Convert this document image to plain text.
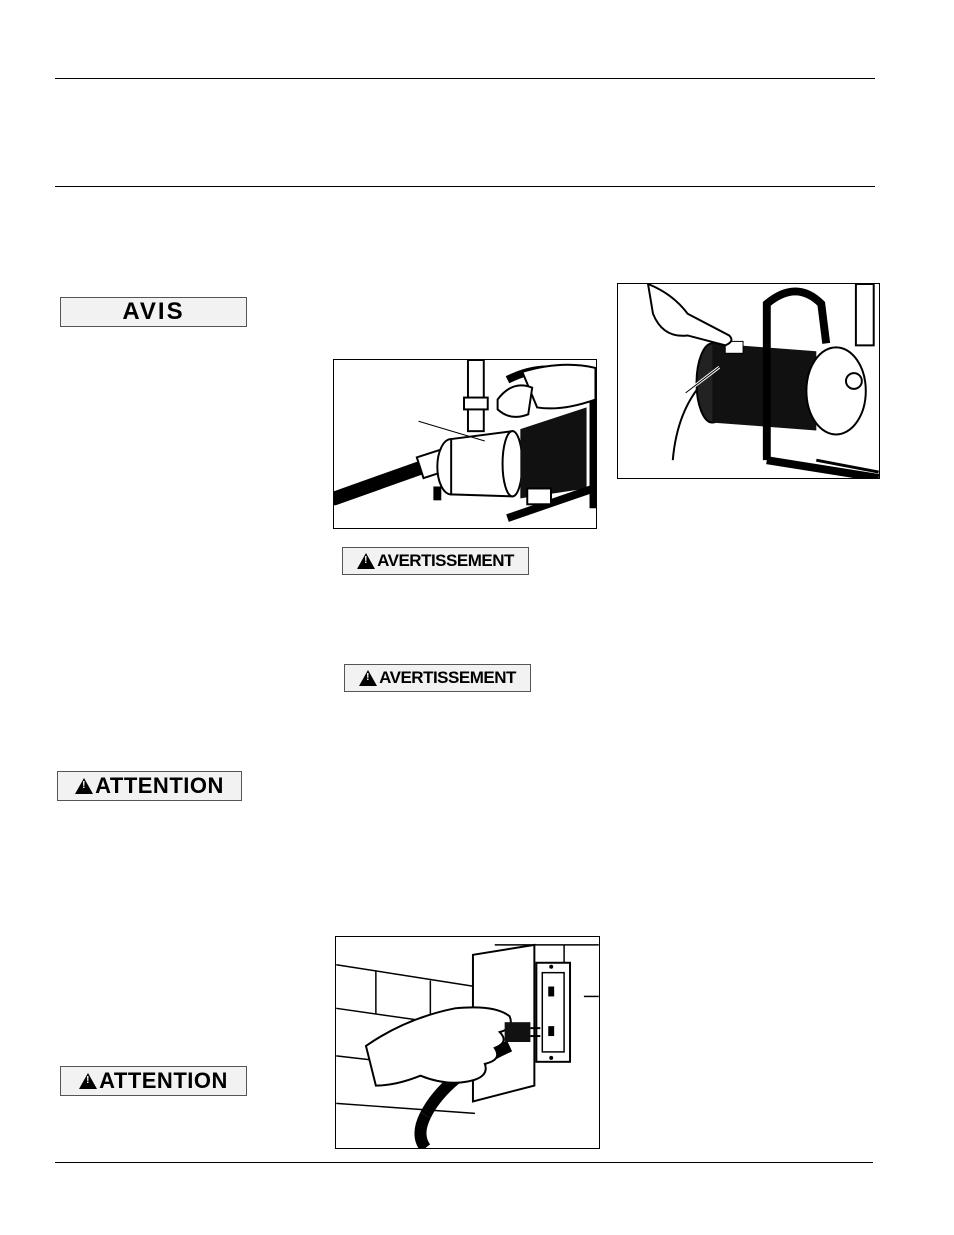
AVIS
!
AVERTISSEMENT
!
AVERTISSEMENT
!
ATTENTION
!
ATTENTION
